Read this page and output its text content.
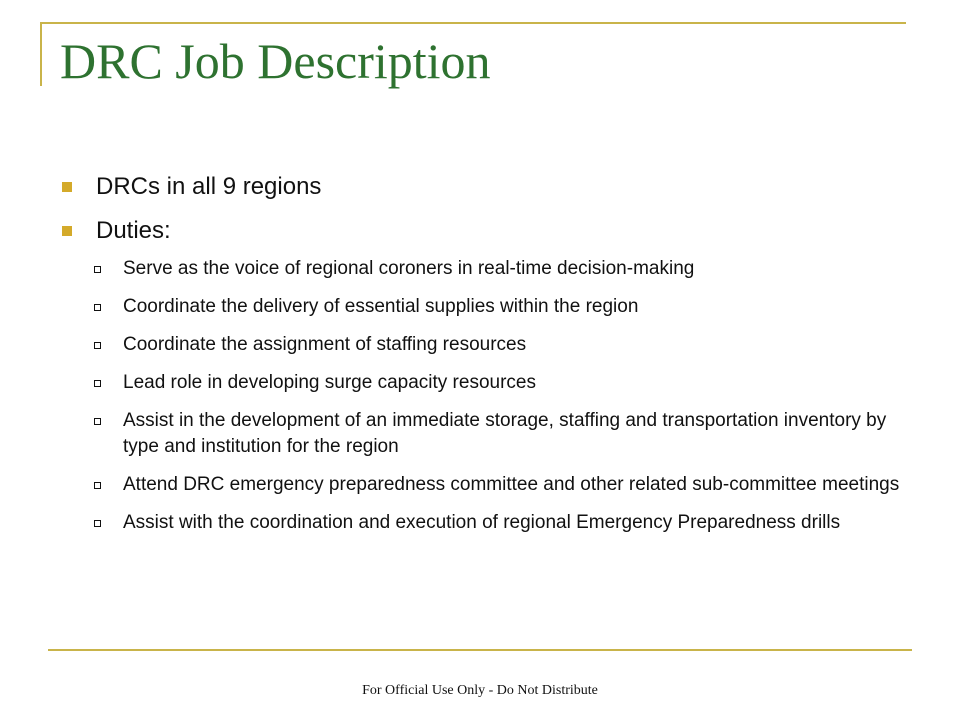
DRC Job Description
DRCs in all 9 regions
Duties:
Serve as the voice of regional coroners in real-time decision-making
Coordinate the delivery of essential supplies within the region
Coordinate the assignment of staffing resources
Lead role in developing surge capacity resources
Assist in the development of an immediate storage, staffing and transportation inventory by type and institution for the region
Attend DRC emergency preparedness committee and other related sub-committee meetings
Assist with the coordination and execution of regional Emergency Preparedness drills
For Official Use Only - Do Not Distribute
